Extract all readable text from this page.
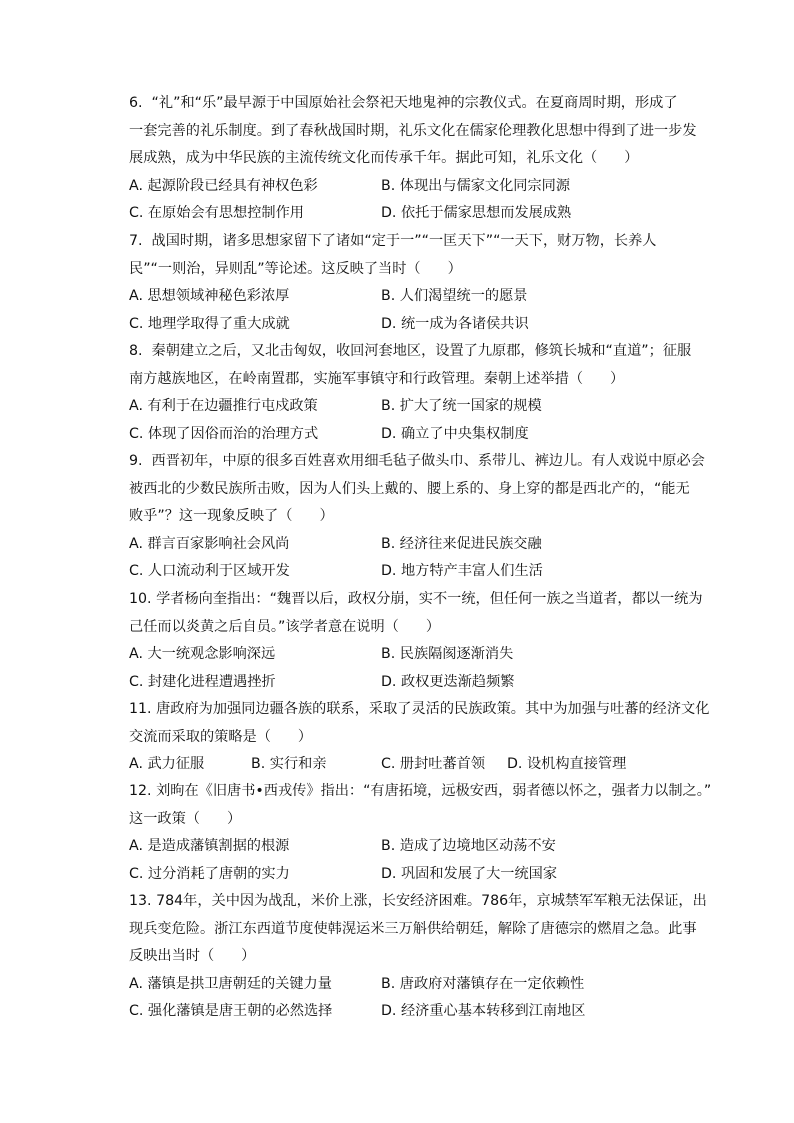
6.  “礼”和“乐”最早源于中国原始社会祭祀天地鬼神的宗教仪式。在夏商周时期，形成了
一套完善的礼乐制度。到了春秋战国时期，礼乐文化在儒家伦理教化思想中得到了进一步发
展成熟，成为中华民族的主流传统文化而传承千年。据此可知，礼乐文化（      ）
A. 起源阶段已经具有神权色彩	B. 体现出与儒家文化同宗同源
C. 在原始会有思想控制作用	D. 依托于儒家思想而发展成熟
7.  战国时期，诸多思想家留下了诸如“定于一”“一匡天下”“一天下，财万物，长养人
民”“一则治，异则乱”等论述。这反映了当时（      ）
A. 思想领域神秘色彩浓厚	B. 人们渴望统一的愿景
C. 地理学取得了重大成就	D. 统一成为各诸侯共识
8.  秦朝建立之后，又北击匈奴，收回河套地区，设置了九原郡，修筑长城和“直道”；征服
南方越族地区，在岭南置郡，实施军事镇守和行政管理。秦朝上述举措（      ）
A. 有利于在边疆推行屯戍政策	B. 扩大了统一国家的规模
C. 体现了因俗而治的治理方式	D. 确立了中央集权制度
9.  西晋初年，中原的很多百姓喜欢用细毛毡子做头巾、系带儿、裤边儿。有人戏说中原必会
被西北的少数民族所击败，因为人们头上戴的、腰上系的、身上穿的都是西北产的，“能无
败乎”？这一现象反映了（      ）
A. 群言百家影响社会风尚	B. 经济往来促进民族交融
C. 人口流动利于区域开发	D. 地方特产丰富人们生活
10. 学者杨向奎指出：“魏晋以后，政权分崩，实不一统，但任何一族之当道者，都以一统为
己任而以炎黄之后自员。”该学者意在说明（      ）
A. 大一统观念影响深远	B. 民族隔阂逐渐消失
C. 封建化进程遭遇挫折	D. 政权更迭渐趋频繁
11. 唐政府为加强同边疆各族的联系，采取了灵活的民族政策。其中为加强与吐蕃的经济文化
交流而采取的策略是（      ）
A. 武力征服	B. 实行和亲	C. 册封吐蕃首领	D. 设机构直接管理
12. 刘昫在《旧唐书•西戎传》指出：“有唐拓境，远极安西，弱者德以怀之，强者力以制之。”
这一政策（      ）
A. 是造成藩镇割据的根源	B. 造成了边境地区动荡不安
C. 过分消耗了唐朝的实力	D. 巩固和发展了大一统国家
13. 784年，关中因为战乱，米价上涨，长安经济困难。786年，京城禁军军粮无法保证，出
现兵变危险。浙江东西道节度使韩滉运米三万斛供给朝廷，解除了唐德宗的燃眉之急。此事
反映出当时（      ）
A. 藩镇是拱卫唐朝廷的关键力量	B. 唐政府对藩镇存在一定依赖性
C. 强化藩镇是唐王朝的必然选择	D. 经济重心基本转移到江南地区
